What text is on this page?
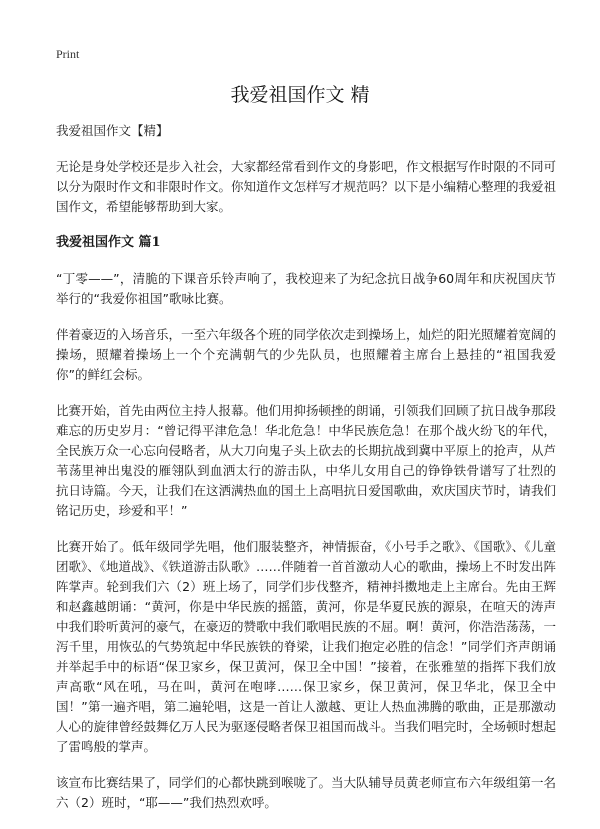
Print
我爱祖国作文 精
我爱祖国作文【精】

无论是身处学校还是步入社会，大家都经常看到作文的身影吧，作文根据写作时限的不同可以分为限时作文和非限时作文。你知道作文怎样写才规范吗？以下是小编精心整理的我爱祖国作文，希望能够帮助到大家。

我爱祖国作文 篇1

“丁零——”，清脆的下课音乐铃声响了，我校迎来了为纪念抗日战争60周年和庆祝国庆节举行的“我爱你祖国”歌咏比赛。

伴着豪迈的入场音乐，一至六年级各个班的同学依次走到操场上，灿烂的阳光照耀着宽阔的操场，照耀着操场上一个个充满朝气的少先队员，也照耀着主席台上悬挂的“祖国我爱你”的鲜红会标。

比赛开始，首先由两位主持人报幕。他们用抑扬顿挫的朗诵，引领我们回顾了抗日战争那段难忘的历史岁月：“曾记得平津危急！华北危急！中华民族危急！在那个战火纷飞的年代，全民族万众一心忘向侵略者，从大刀向鬼子头上砍去的长期抗战到冀中平原上的抢声，从芦苇荡里神出鬼没的雁翎队到血洒太行的游击队，中华儿女用自己的铮铮铁骨谱写了壮烈的 抗日诗篇。今天，让我们在这洒满热血的国土上高唱抗日爱国歌曲，欢庆国庆节时，请我们铭记历史，珍爱和平！”

比赛开始了。低年级同学先唱，他们服装整齐，神情振奋，《小号手之歌》、《国歌》、《儿童团歌》、《地道战》、《铁道游击队歌》……伴随着一首首激动人心的歌曲，操场上不时发出阵阵掌声。轮到我们六（2）班上场了，同学们步伐整齐，精神抖擞地走上主席台。先由王辉和赵鑫越朗诵：“黄河，你是中华民族的摇篮，黄河，你是华夏民族的源泉，在喧天的涛声中我们聆听黄河的豪气，在豪迈的赞歌中我们歌唱民族的不屈。啊！黄河，你浩浩荡荡，一泻千里，用恢弘的气势筑起中华民族铁的脊梁，让我们抱定必胜的信念！”同学们齐声朗诵并举起手中的标语“保卫家乡，保卫黄河，保卫全中国！”接着，在张雅堃的指挥下我们放声高歌“风在吼，马在叫，黄河在咆哮……保卫家乡，保卫黄河，保卫华北，保卫全中国！”第一遍齐唱，第二遍轮唱，这是一首让人激越、更让人热血沸腾的歌曲，正是那激动人心的旋律曾经鼓舞亿万人民为驱逐侵略者保卫祖国而战斗。当我们唱完时，全场顿时想起了雷鸣般的掌声。

该宣布比赛结果了，同学们的心都快跳到喉咙了。当大队辅导员黄老师宣布六年级组第一名六（2）班时，“耶——”我们热烈欢呼。
